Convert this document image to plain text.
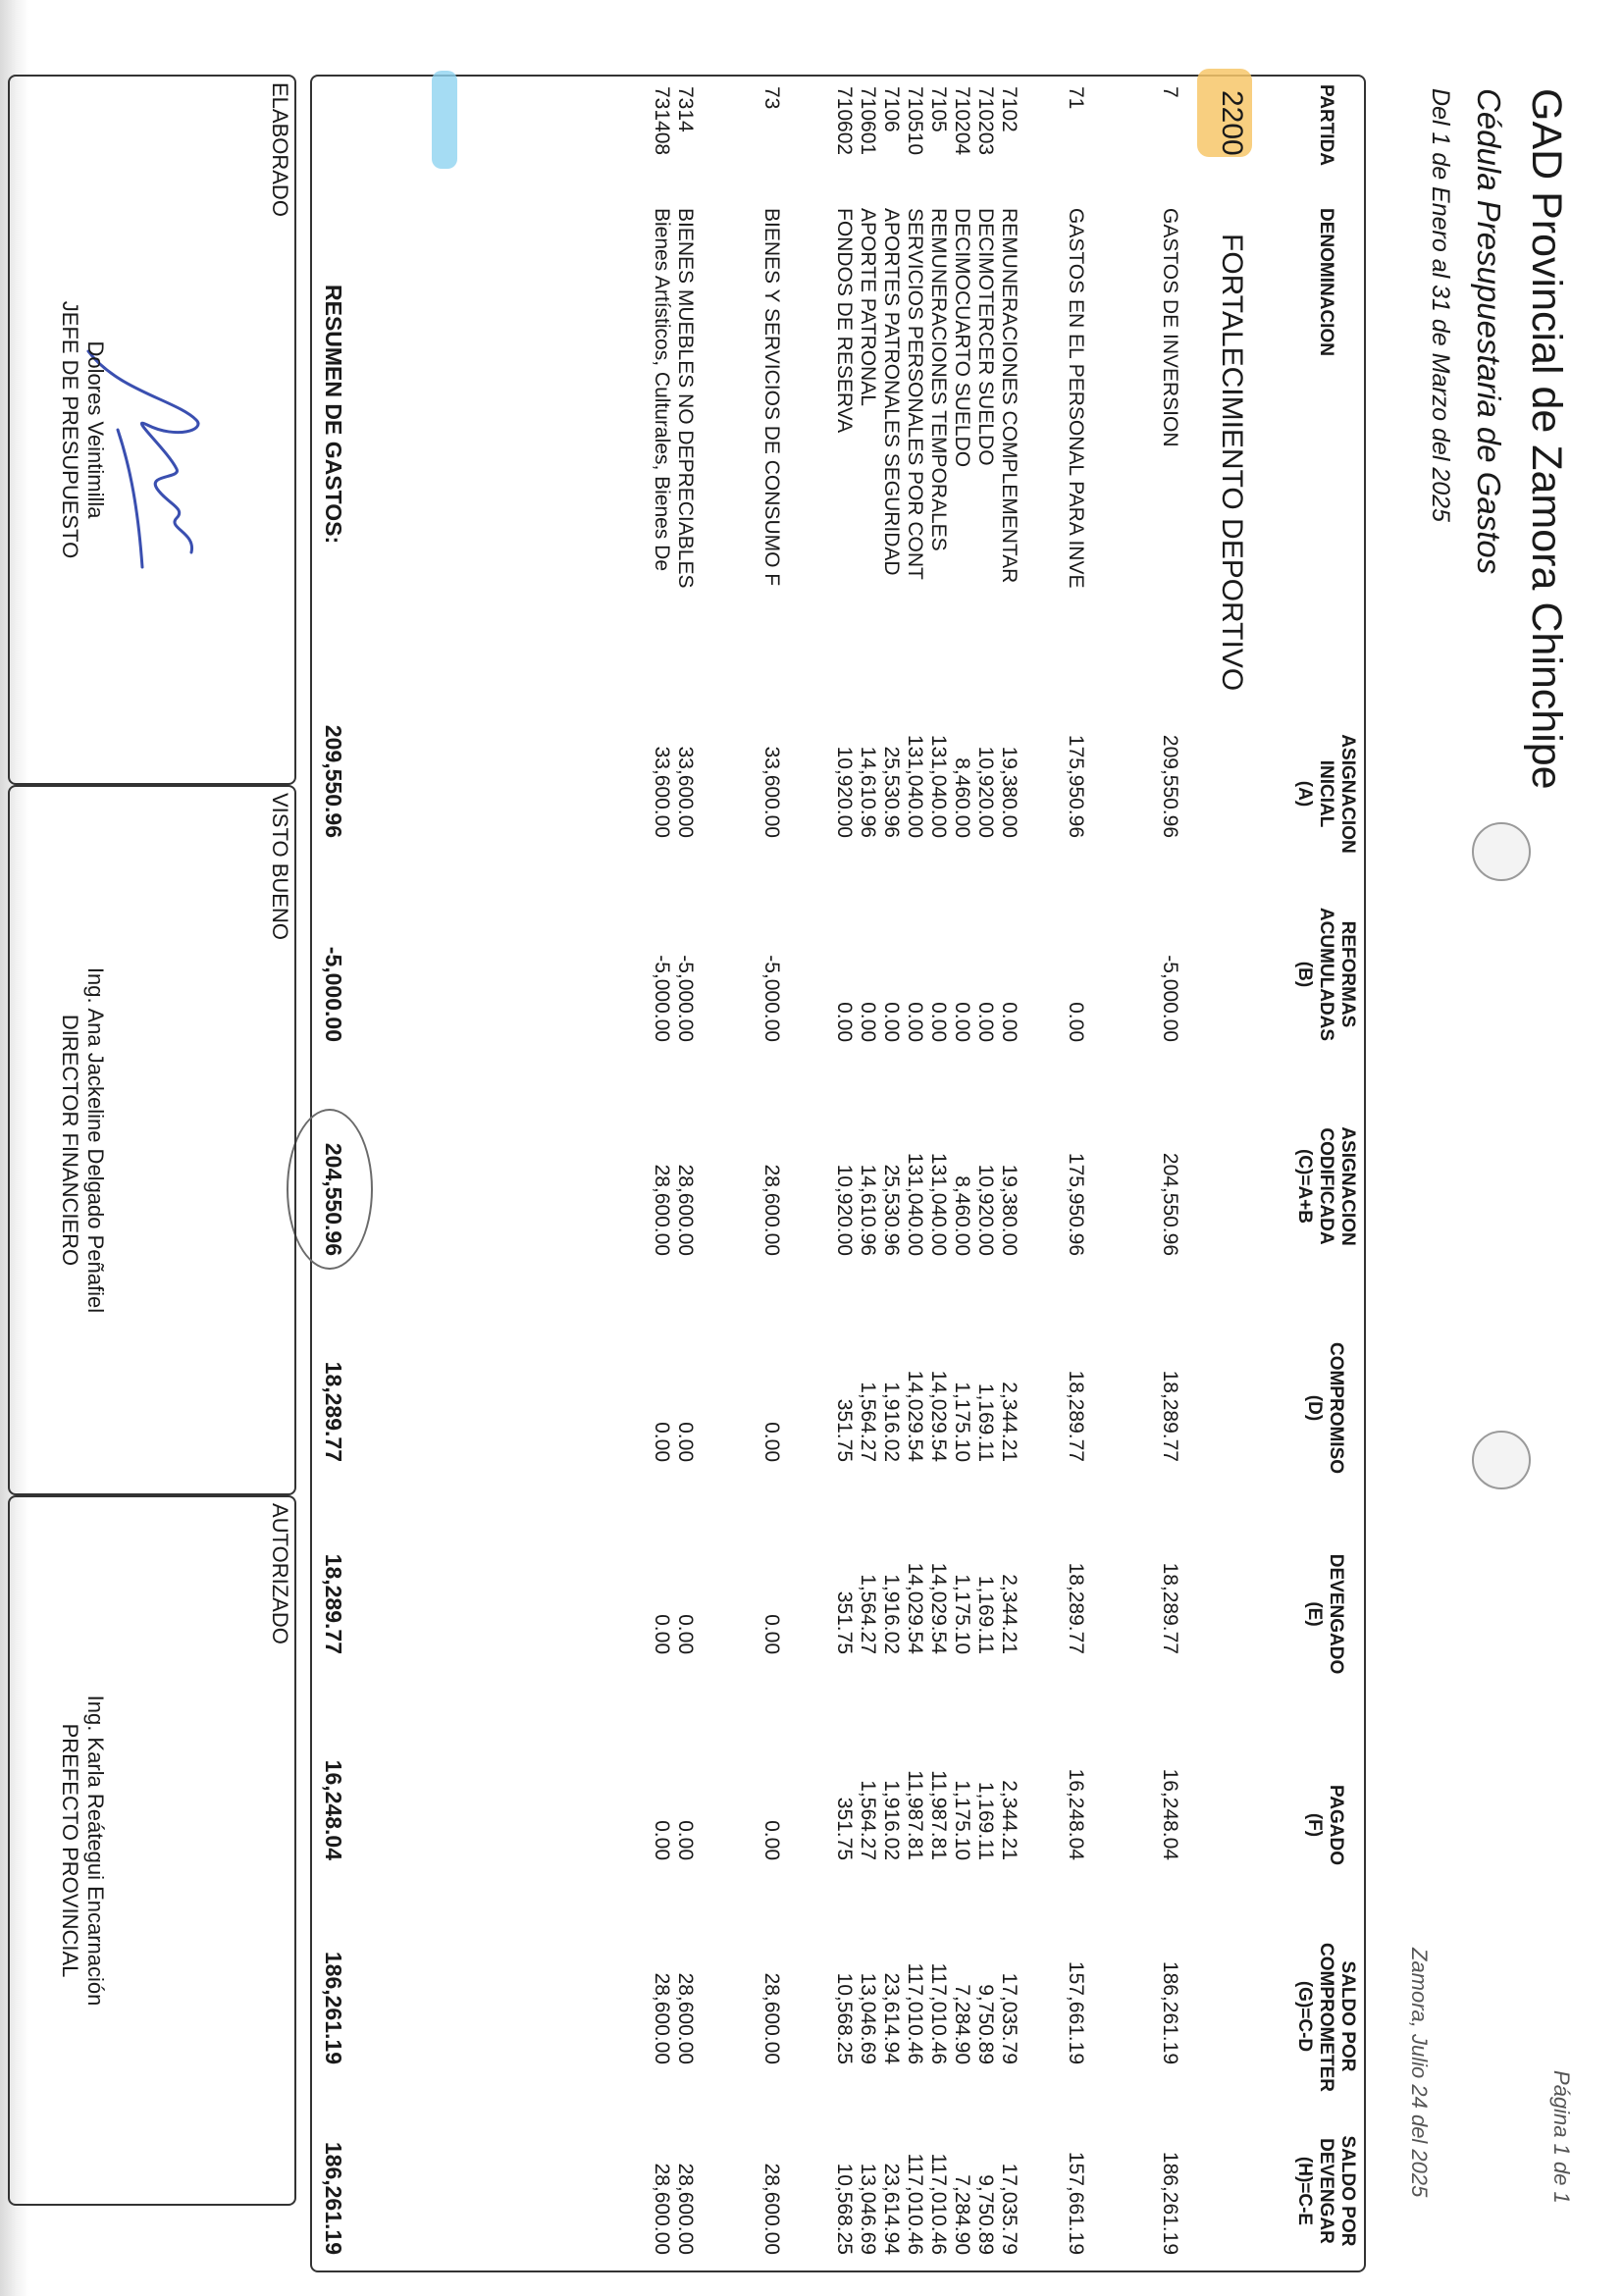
GAD Provincial de Zamora Chinchipe
Cédula Presupuestaria de Gastos
Del 1 de Enero al 31 de Marzo del 2025
Zamora, Julio 24 del 2025	Página 1 de 1
PARTIDA
DENOMINACION
ASIGNACION INICIAL
(A)
REFORMAS ACUMULADAS
(B)
ASIGNACION CODIFICADA
(C)=A+B
COMPROMISO
(D)
DEVENGADO
(E)
PAGADO
(F)
SALDO POR COMPROMETER
(G)=C-D
SALDO POR DEVENGAR
(H)=C-E
2200
FORTALECIMIENTO DEPORTIVO
7
GASTOS DE INVERSION
209,550.96
-5,000.00
204,550.96
18,289.77
18,289.77
16,248.04
186,261.19
186,261.19
71
GASTOS EN EL PERSONAL PARA INVE
175,950.96
0.00
175,950.96
18,289.77
18,289.77
16,248.04
157,661.19
157,661.19
7102
REMUNERACIONES COMPLEMENTAR
19,380.00
0.00
19,380.00
2,344.21
2,344.21
2,344.21
17,035.79
17,035.79
710203
DECIMOTERCER SUELDO
10,920.00
0.00
10,920.00
1,169.11
1,169.11
1,169.11
9,750.89
9,750.89
710204
DECIMOCUARTO SUELDO
8,460.00
0.00
8,460.00
1,175.10
1,175.10
1,175.10
7,284.90
7,284.90
7105
REMUNERACIONES TEMPORALES
131,040.00
0.00
131,040.00
14,029.54
14,029.54
11,987.81
117,010.46
117,010.46
710510
SERVICIOS PERSONALES POR CONT
131,040.00
0.00
131,040.00
14,029.54
14,029.54
11,987.81
117,010.46
117,010.46
7106
APORTES PATRONALES SEGURIDAD
25,530.96
0.00
25,530.96
1,916.02
1,916.02
1,916.02
23,614.94
23,614.94
710601
APORTE PATRONAL
14,610.96
0.00
14,610.96
1,564.27
1,564.27
1,564.27
13,046.69
13,046.69
710602
FONDOS DE RESERVA
10,920.00
0.00
10,920.00
351.75
351.75
351.75
10,568.25
10,568.25
73
BIENES Y SERVICIOS DE CONSUMO F
33,600.00
-5,000.00
28,600.00
0.00
0.00
0.00
28,600.00
28,600.00
7314
BIENES MUEBLES NO DEPRECIABLES
33,600.00
-5,000.00
28,600.00
0.00
0.00
0.00
28,600.00
28,600.00
731408
Bienes Artísticos, Culturales, Bienes De
33,600.00
-5,000.00
28,600.00
0.00
0.00
0.00
28,600.00
28,600.00
RESUMEN DE GASTOS:
209,550.96
-5,000.00
204,550.96
18,289.77
18,289.77
16,248.04
186,261.19
186,261.19
ELABORADO
Dolores Veintimilla
JEFE DE PRESUPUESTO
VISTO BUENO
Ing. Ana Jackeline Delgado Peñafiel
DIRECTOR FINANCIERO
AUTORIZADO
Ing. Karla Reátegui Encarnación
PREFECTO PROVINCIAL
